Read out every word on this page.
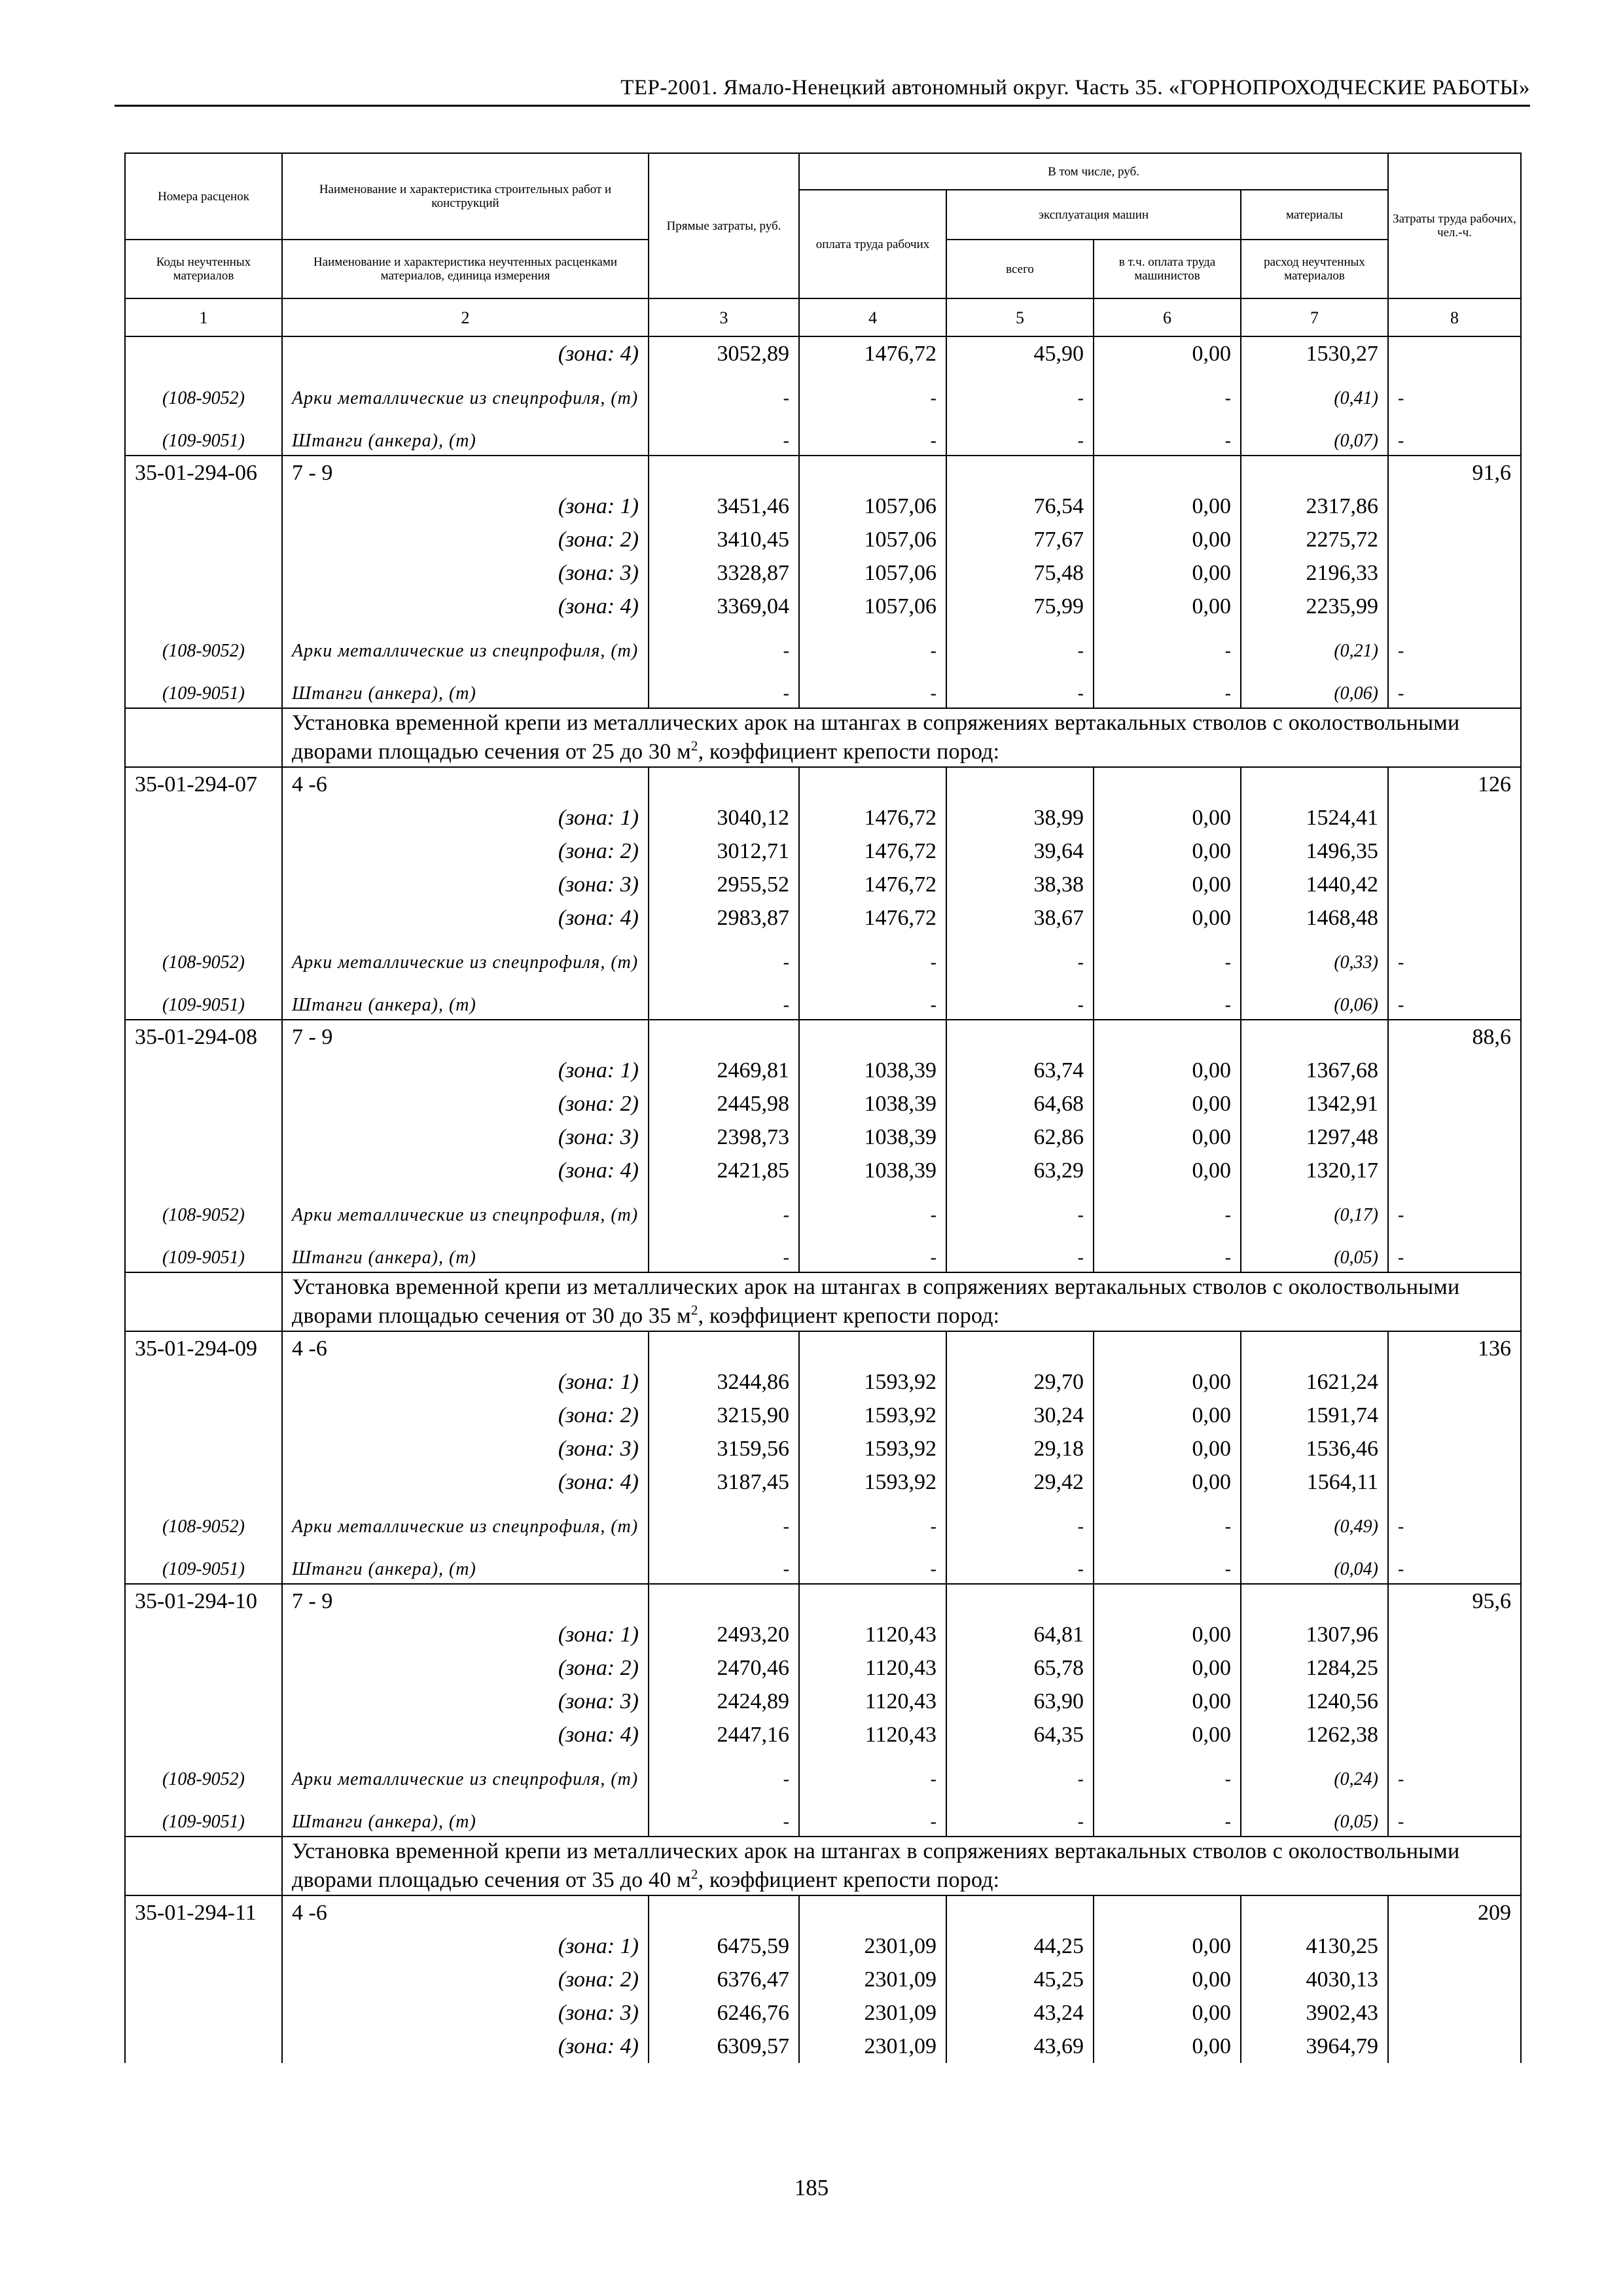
ТЕР-2001. Ямало-Ненецкий автономный округ. Часть 35. «ГОРНОПРОХОДЧЕСКИЕ РАБОТЫ»
Номера расценок	Наименование и характеристика строительных работ и конструкций	Прямые затраты, руб.	В том числе, руб.				Затраты труда рабочих, чел.-ч.
			оплата труда рабочих	эксплуатация машин		материалы	
Коды неучтенных материалов	Наименование и характеристика неучтенных расценками материалов, единица измерения			всего	в т.ч. оплата труда машинистов	расход неучтенных материалов	
1	2	3	4	5	6	7	8
	(зона: 4)	3052,89	1476,72	45,90	0,00	1530,27	
(108-9052)	Арки металлические из спецпрофиля, (т)	-	-	-	-	(0,41)	-
(109-9051)	Штанги (анкера), (т)	-	-	-	-	(0,07)	-
35-01-294-06	7 - 9						91,6
	(зона: 1)	3451,46	1057,06	76,54	0,00	2317,86	
	(зона: 2)	3410,45	1057,06	77,67	0,00	2275,72	
	(зона: 3)	3328,87	1057,06	75,48	0,00	2196,33	
	(зона: 4)	3369,04	1057,06	75,99	0,00	2235,99	
(108-9052)	Арки металлические из спецпрофиля, (т)	-	-	-	-	(0,21)	-
(109-9051)	Штанги (анкера), (т)	-	-	-	-	(0,06)	-
	Установка временной крепи из металлических арок на штангах в сопряжениях вертакальных стволов с околоствольными дворами площадью сечения от 25 до 30 $м^2$, коэффициент крепости пород:						
35-01-294-07	4 -6						126
	(зона: 1)	3040,12	1476,72	38,99	0,00	1524,41	
	(зона: 2)	3012,71	1476,72	39,64	0,00	1496,35	
	(зона: 3)	2955,52	1476,72	38,38	0,00	1440,42	
	(зона: 4)	2983,87	1476,72	38,67	0,00	1468,48	
(108-9052)	Арки металлические из спецпрофиля, (т)	-	-	-	-	(0,33)	-
(109-9051)	Штанги (анкера), (т)	-	-	-	-	(0,06)	-
35-01-294-08	7 - 9						88,6
	(зона: 1)	2469,81	1038,39	63,74	0,00	1367,68	
	(зона: 2)	2445,98	1038,39	64,68	0,00	1342,91	
	(зона: 3)	2398,73	1038,39	62,86	0,00	1297,48	
	(зона: 4)	2421,85	1038,39	63,29	0,00	1320,17	
(108-9052)	Арки металлические из спецпрофиля, (т)	-	-	-	-	(0,17)	-
(109-9051)	Штанги (анкера), (т)	-	-	-	-	(0,05)	-
	Установка временной крепи из металлических арок на штангах в сопряжениях вертакальных стволов с околоствольными дворами площадью сечения от 30 до 35 $м^2$, коэффициент крепости пород:						
35-01-294-09	4 -6						136
	(зона: 1)	3244,86	1593,92	29,70	0,00	1621,24	
	(зона: 2)	3215,90	1593,92	30,24	0,00	1591,74	
	(зона: 3)	3159,56	1593,92	29,18	0,00	1536,46	
	(зона: 4)	3187,45	1593,92	29,42	0,00	1564,11	
(108-9052)	Арки металлические из спецпрофиля, (т)	-	-	-	-	(0,49)	-
(109-9051)	Штанги (анкера), (т)	-	-	-	-	(0,04)	-
35-01-294-10	7 - 9						95,6
	(зона: 1)	2493,20	1120,43	64,81	0,00	1307,96	
	(зона: 2)	2470,46	1120,43	65,78	0,00	1284,25	
	(зона: 3)	2424,89	1120,43	63,90	0,00	1240,56	
	(зона: 4)	2447,16	1120,43	64,35	0,00	1262,38	
(108-9052)	Арки металлические из спецпрофиля, (т)	-	-	-	-	(0,24)	-
(109-9051)	Штанги (анкера), (т)	-	-	-	-	(0,05)	-
	Установка временной крепи из металлических арок на штангах в сопряжениях вертакальных стволов с околоствольными дворами площадью сечения от 35 до 40 $м^2$, коэффициент крепости пород:						
35-01-294-11	4 -6						209
	(зона: 1)	6475,59	2301,09	44,25	0,00	4130,25	
	(зона: 2)	6376,47	2301,09	45,25	0,00	4030,13	
	(зона: 3)	6246,76	2301,09	43,24	0,00	3902,43	
	(зона: 4)	6309,57	2301,09	43,69	0,00	3964,79	
185
